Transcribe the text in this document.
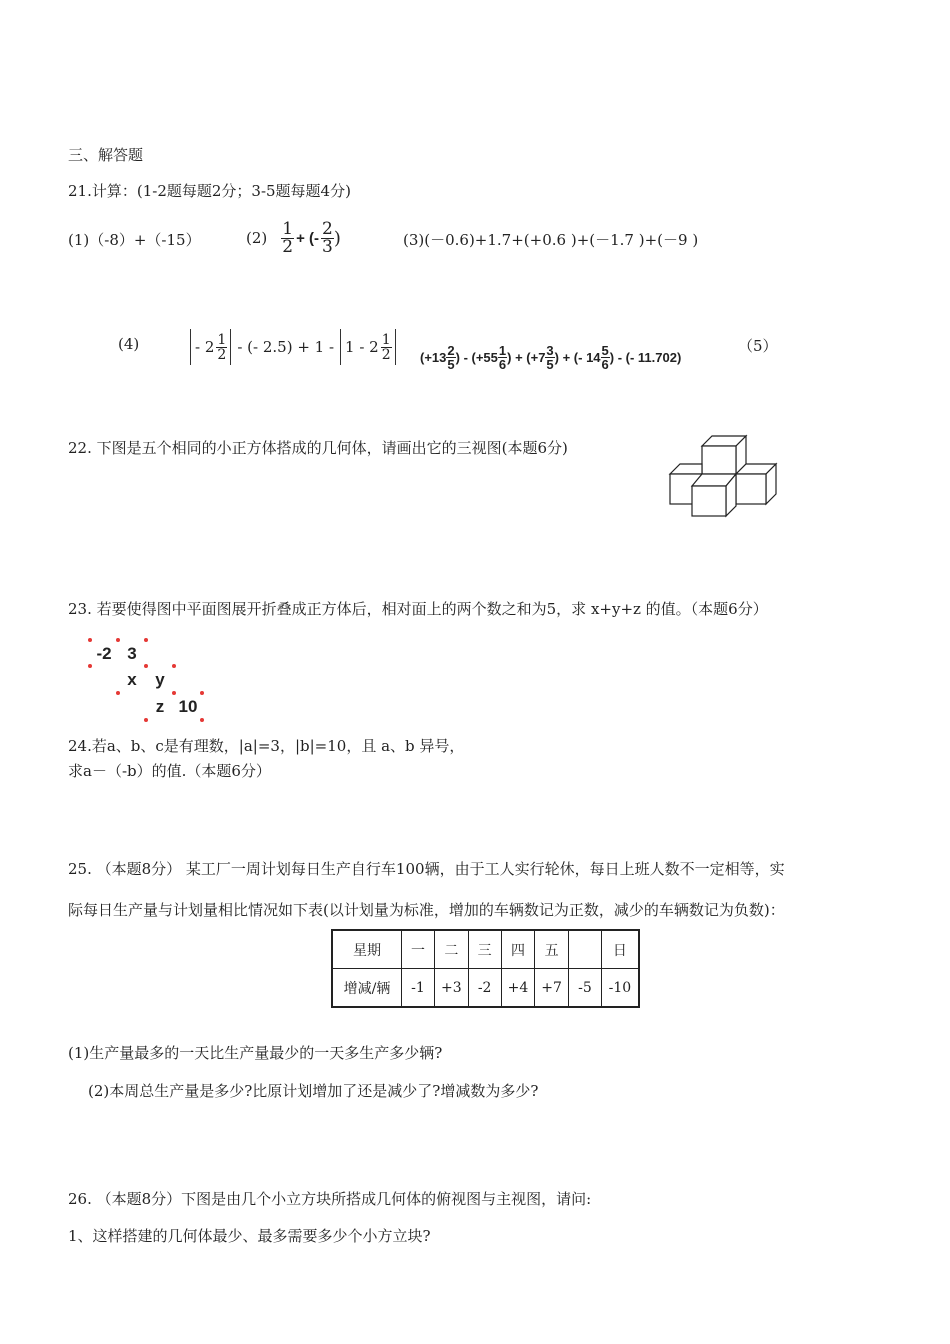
三、解答题
21.计算：(1-2题每题2分；3-5题每题4分)
(1)（-8）+（-15）	$(2) \frac{1}{2}$ + (- $\frac{2}{3}$ )	(3)(－0.6)+1.7+(+0.6 )+(－1.7 )+(－9 )
(4)	- $2 \frac{1}{2}$ - (- $2.5) + 1 - 1 - 2 \frac{1}{2} (+13 \frac{2}{5}$ ) - ($+55 \frac{1}{6}$ ) + ($+7 \frac{3}{5}$ ) + (- $14 \frac{5}{6}$ ) - (- 11.702)
（5）
22. 下图是五个相同的小正方体搭成的几何体，请画出它的三视图(本题6分)
23. 若要使得图中平面图展开折叠成正方体后，相对面上的两个数之和为5，求 x+y+z 的值。（本题6分）
-2 3
x	y
z 10
24.若a、b、c是有理数，|a|=3，|b|=10，且 a、b 异号，
求a－（-b）的值.（本题6分）
25. （本题8分） 某工厂一周计划每日生产自行车100辆，由于工人实行轮休，每日上班人数不一定相等，实
际每日生产量与计划量相比情况如下表(以计划量为标准，增加的车辆数记为正数，减少的车辆数记为负数)：
星期	一	二	三	四	五		日
增减/辆	-1	+3	-2	+4	+7	-5	-10
(1)生产量最多的一天比生产量最少的一天多生产多少辆?
(2)本周总生产量是多少?比原计划增加了还是减少了?增减数为多少?
26. （本题8分）下图是由几个小立方块所搭成几何体的俯视图与主视图，请问:
1、这样搭建的几何体最少、最多需要多少个小方立块?
